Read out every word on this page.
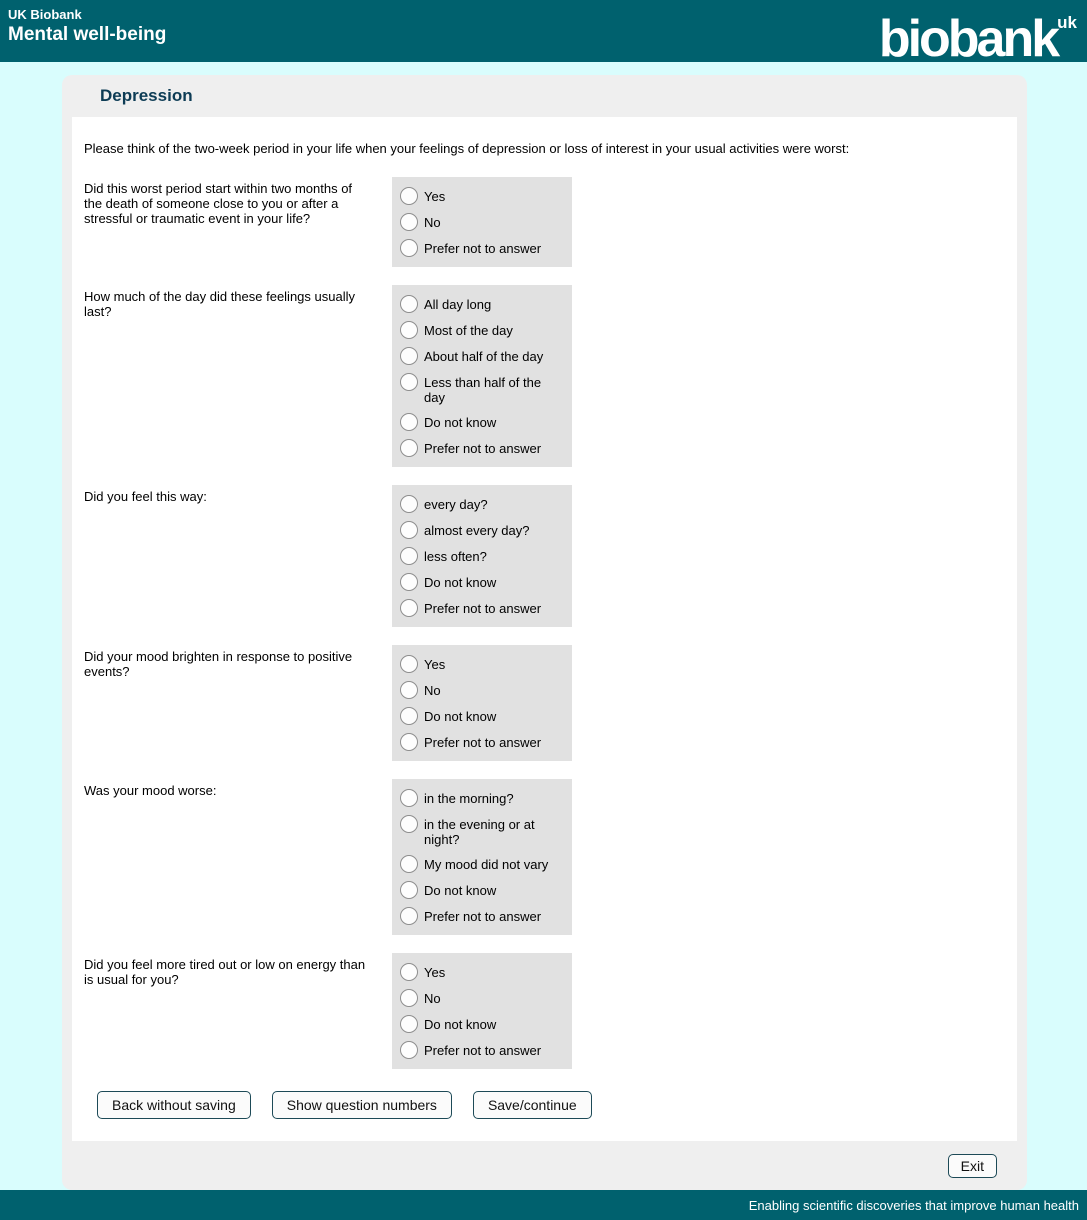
UK Biobank
Mental well-being	biobank$^{uk}$
Depression
Please think of the two-week period in your life when your feelings of depression or loss of interest in your usual activities were worst:
Did this worst period start within two months of the death of someone close to you or after a stressful or traumatic event in your life?
Yes
No
Prefer not to answer
How much of the day did these feelings usually last?	All day long
Most of the day
About half of the day
Less than half of the day
Do not know
Prefer not to answer
Did you feel this way:
every day?
almost every day?
less often?
Do not know
Prefer not to answer
Did your mood brighten in response to positive events?	Yes
No
Do not know
Prefer not to answer
Was your mood worse:
in the morning?
in the evening or at night?
My mood did not vary
Do not know
Prefer not to answer
Did you feel more tired out or low on energy than is usual for you?	Yes
No
Do not know
Prefer not to answer
Back without saving	Show question numbers	Save/continue
Exit
Enabling scientific discoveries that improve human health
